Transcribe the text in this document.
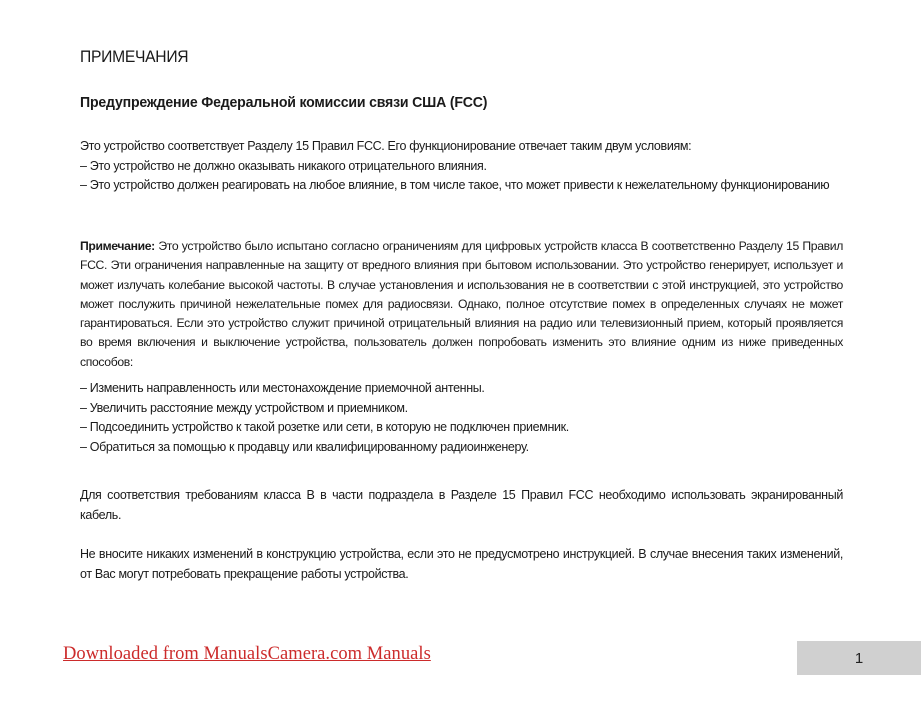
ПРИМЕЧАНИЯ
Предупреждение Федеральной комиссии связи США (FCC)

Это устройство соответствует Разделу 15 Правил FCC. Его функционирование отвечает таким двум условиям:

– Это устройство не должно оказывать никакого отрицательного влияния.

– Это устройство должен реагировать на любое влияние, в том числе такое, что может привести к нежелательному функционированию

Примечание: Это устройство было испытано согласно ограничениям для цифровых устройств класса B соответственно Разделу 15 Правил FCC. Эти ограничения направленные на защиту от вредного влияния при бытовом использовании. Это устройство генерирует, использует и может излучать колебание высокой частоты. В случае установления и использования не в соответствии с этой инструкцией, это устройство может послужить причиной нежелательные помех для радиосвязи. Однако, полное отсутствие помех в определенных случаях не может гарантироваться. Если это устройство служит причиной отрицательный влияния на радио или телевизионный прием, который проявляется во время включения и выключение устройства, пользователь должен попробовать изменить это влияние одним из ниже приведенных способов:

– Изменить направленность или местонахождение приемочной антенны.

– Увеличить расстояние между устройством и приемником.

– Подсоединить устройство к такой розетке или сети, в которую не подключен приемник.

– Обратиться за помощью к продавцу или квалифицированному радиоинженеру.

Для соответствия требованиям класса B в части подраздела в Разделе 15 Правил FCC необходимо использовать экранированный кабель.

Не вносите никаких изменений в конструкцию устройства, если это не предусмотрено инструкцией. В случае внесения таких изменений, от Вас могут потребовать прекращение работы устройства.

Downloaded from ManualsCamera.com Manuals	1
